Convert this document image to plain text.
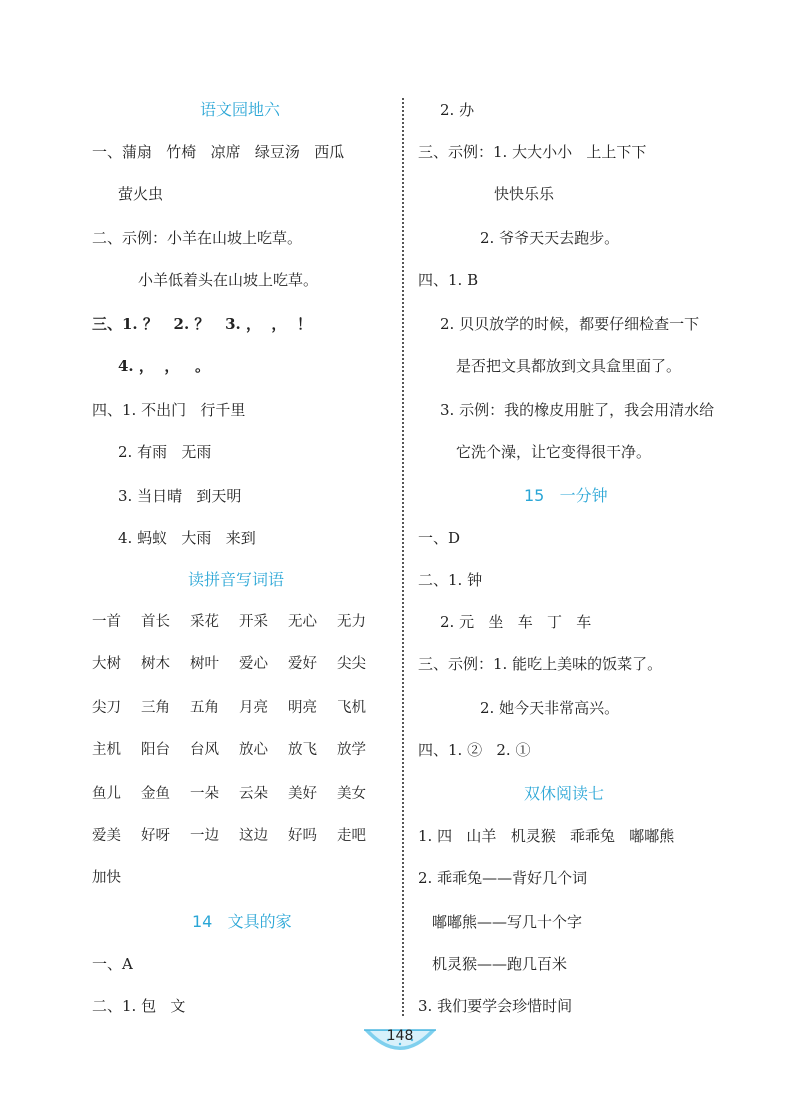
语文园地六
一、蒲扇   竹椅   凉席   绿豆汤   西瓜
萤火虫
二、示例：小羊在山坡上吃草。
小羊低着头在山坡上吃草。
三、1. ？   2. ？   3. ，  ，  ！
4. ，  ，   。
四、1. 不出门   行千里
2. 有雨   无雨
3. 当日晴   到天明
4. 蚂蚁   大雨   来到
读拼音写词语
一首	首长	采花	开采	无心	无力
大树	树木	树叶	爱心	爱好	尖尖
尖刀	三角	五角	月亮	明亮	飞机
主机	阳台	台风	放心	放飞	放学
鱼儿	金鱼	一朵	云朵	美好	美女
爱美	好呀	一边	这边	好吗	走吧
加快
14   文具的家
一、A
二、1. 包   文
2. 办
三、示例：1. 大大小小   上上下下
快快乐乐
2. 爷爷天天去跑步。
四、1. B
2. 贝贝放学的时候，都要仔细检查一下
是否把文具都放到文具盒里面了。
3. 示例：我的橡皮用脏了，我会用清水给
它洗个澡，让它变得很干净。
15   一分钟
一、D
二、1. 钟
2. 元   坐   车   丁   车
三、示例：1. 能吃上美味的饭菜了。
2. 她今天非常高兴。
四、1. ②   2. ①
双休阅读七
1. 四   山羊   机灵猴   乖乖兔   嘟嘟熊
2. 乖乖兔——背好几个词
嘟嘟熊——写几十个字
机灵猴——跑几百米
3. 我们要学会珍惜时间
148
